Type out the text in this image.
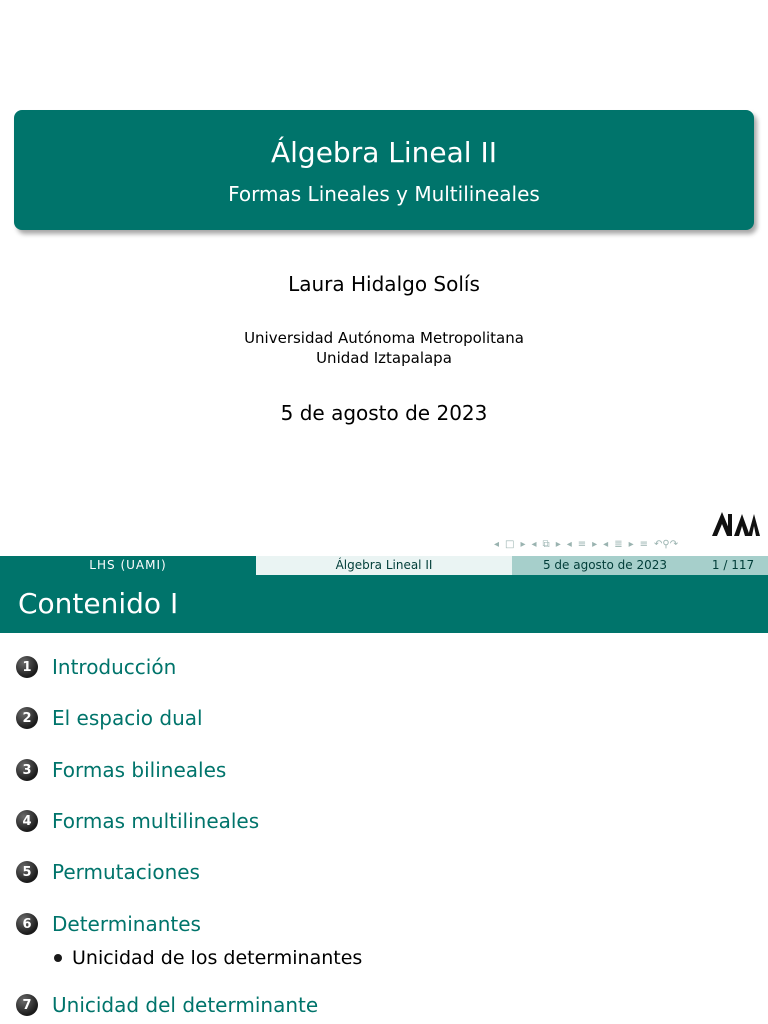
Álgebra Lineal II
Formas Lineales y Multilineales
Laura Hidalgo Solís
Universidad Autónoma Metropolitana
Unidad Iztapalapa
5 de agosto de 2023
◂ □ ▸ ◂ ⧉ ▸ ◂ ≡ ▸ ◂ ≣ ▸ ≡ ↶⚲↷
LHS (UAMI)	Álgebra Lineal II	5 de agosto de 2023	1 / 117
Contenido I
1	Introducción
2	El espacio dual
3	Formas bilineales
4	Formas multilineales
5	Permutaciones
6	Determinantes
Unicidad de los determinantes
7	Unicidad del determinante
